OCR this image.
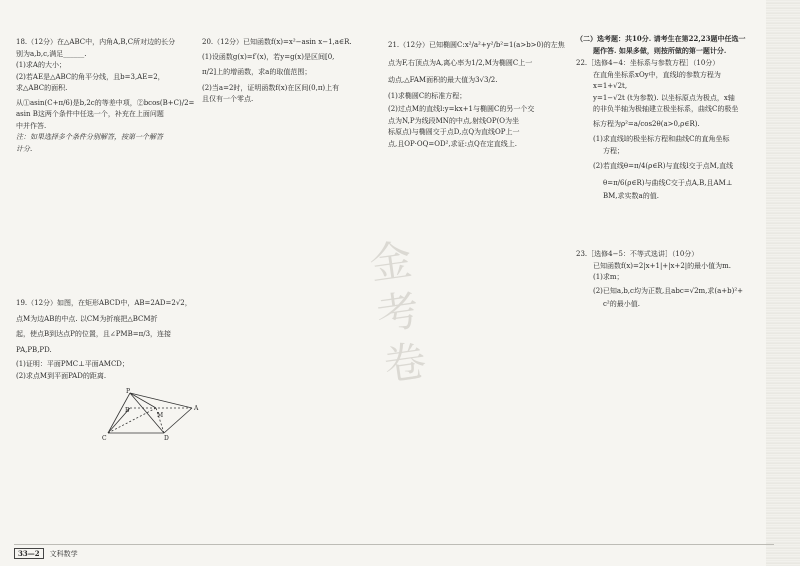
18.（12分）在△ABC中，内角A,B,C所对边的长分

别为a,b,c,满足______.

(1)求A的大小；

(2)若AE是△ABC的角平分线，且b=3,AE=2，

求△ABC的面积.

从①asin(C+π/6)是b,2c的等差中项，②bcos(B+C)/2=

asin B这两个条件中任选一个，补充在上面问题

中并作答.

注：如果选择多个条件分别解答，按第一个解答

计分.

19.（12分）如图，在矩形ABCD中，AB=2AD=2√2，

点M为边AB的中点. 以CM为折痕把△BCM折

起，使点B到达点P的位置，且∠PMB=π/3，连接

PA,PB,PD.

(1)证明：平面PMC⊥平面AMCD；

(2)求点M到平面PAD的距离.

P
A
B
C	D
M

20.（12分）已知函数f(x)=x²−asin x−1,a∈R.

(1)设函数g(x)=f′(x)，若y=g(x)是区间[0,

π/2]上的增函数，求a的取值范围；

(2)当a=2时，证明函数f(x)在区间(0,π)上有

且仅有一个零点.

21.（12分）已知椭圆C:x²/a²+y²/b²=1(a>b>0)的左焦

点为F,右顶点为A,离心率为1/2,M为椭圆C上一

动点,△FAM面积的最大值为3√3/2.

(1)求椭圆C的标准方程；

(2)过点M的直线l:y=kx+1与椭圆C的另一个交

点为N,P为线段MN的中点,射线OP(O为坐

标原点)与椭圆交于点D,点Q为直线OP上一

点,且OP·OQ=OD²,求证:点Q在定直线上.

（二）选考题：共10分. 请考生在第22,23题中任选一

题作答. 如果多做，则按所做的第一题计分.

22.［选修4−4：坐标系与参数方程］（10分）

在直角坐标系xOy中，直线l的参数方程为

x=1+√2t,

y=1−√2t (t为参数). 以坐标原点为极点，x轴

的非负半轴为极轴建立极坐标系，曲线C的极坐

标方程为ρ²=a/cos2θ(a>0,ρ∈R).

(1)求直线l的极坐标方程和曲线C的直角坐标

方程；

(2)若直线θ=π/4(ρ∈R)与直线l交于点M,直线

θ=π/6(ρ∈R)与曲线C交于点A,B,且AM⊥

BM,求实数a的值.

23.［选修4−5：不等式选讲］（10分）

已知函数f(x)=2|x+1|+|x+2|的最小值为m.

(1)求m；

(2)已知a,b,c均为正数,且abc=√2m,求(a+b)²+

c²的最小值.

金
考
卷
33—2	文科数学
